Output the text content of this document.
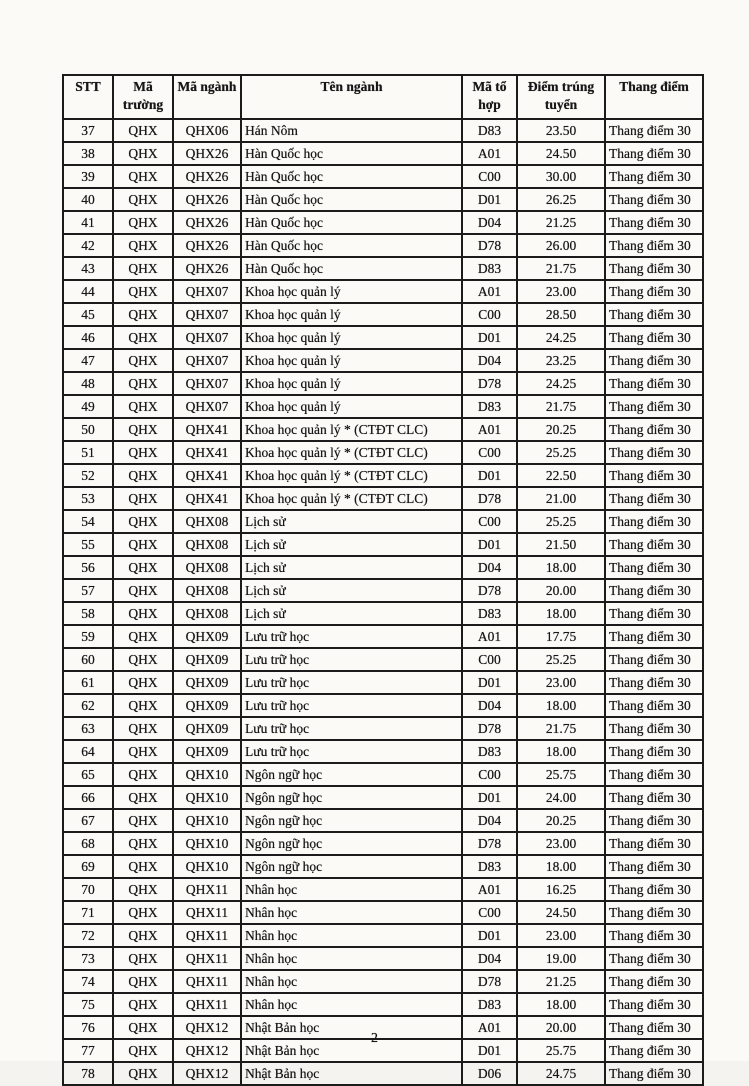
STT	Mã trường	Mã ngành	Tên ngành	Mã tổ hợp	Điểm trúng tuyển	Thang điểm
37	QHX	QHX06	Hán Nôm	D83	23.50	Thang điểm 30
38	QHX	QHX26	Hàn Quốc học	A01	24.50	Thang điểm 30
39	QHX	QHX26	Hàn Quốc học	C00	30.00	Thang điểm 30
40	QHX	QHX26	Hàn Quốc học	D01	26.25	Thang điểm 30
41	QHX	QHX26	Hàn Quốc học	D04	21.25	Thang điểm 30
42	QHX	QHX26	Hàn Quốc học	D78	26.00	Thang điểm 30
43	QHX	QHX26	Hàn Quốc học	D83	21.75	Thang điểm 30
44	QHX	QHX07	Khoa học quản lý	A01	23.00	Thang điểm 30
45	QHX	QHX07	Khoa học quản lý	C00	28.50	Thang điểm 30
46	QHX	QHX07	Khoa học quản lý	D01	24.25	Thang điểm 30
47	QHX	QHX07	Khoa học quản lý	D04	23.25	Thang điểm 30
48	QHX	QHX07	Khoa học quản lý	D78	24.25	Thang điểm 30
49	QHX	QHX07	Khoa học quản lý	D83	21.75	Thang điểm 30
50	QHX	QHX41	Khoa học quản lý * (CTĐT CLC)	A01	20.25	Thang điểm 30
51	QHX	QHX41	Khoa học quản lý * (CTĐT CLC)	C00	25.25	Thang điểm 30
52	QHX	QHX41	Khoa học quản lý * (CTĐT CLC)	D01	22.50	Thang điểm 30
53	QHX	QHX41	Khoa học quản lý * (CTĐT CLC)	D78	21.00	Thang điểm 30
54	QHX	QHX08	Lịch sử	C00	25.25	Thang điểm 30
55	QHX	QHX08	Lịch sử	D01	21.50	Thang điểm 30
56	QHX	QHX08	Lịch sử	D04	18.00	Thang điểm 30
57	QHX	QHX08	Lịch sử	D78	20.00	Thang điểm 30
58	QHX	QHX08	Lịch sử	D83	18.00	Thang điểm 30
59	QHX	QHX09	Lưu trữ học	A01	17.75	Thang điểm 30
60	QHX	QHX09	Lưu trữ học	C00	25.25	Thang điểm 30
61	QHX	QHX09	Lưu trữ học	D01	23.00	Thang điểm 30
62	QHX	QHX09	Lưu trữ học	D04	18.00	Thang điểm 30
63	QHX	QHX09	Lưu trữ học	D78	21.75	Thang điểm 30
64	QHX	QHX09	Lưu trữ học	D83	18.00	Thang điểm 30
65	QHX	QHX10	Ngôn ngữ học	C00	25.75	Thang điểm 30
66	QHX	QHX10	Ngôn ngữ học	D01	24.00	Thang điểm 30
67	QHX	QHX10	Ngôn ngữ học	D04	20.25	Thang điểm 30
68	QHX	QHX10	Ngôn ngữ học	D78	23.00	Thang điểm 30
69	QHX	QHX10	Ngôn ngữ học	D83	18.00	Thang điểm 30
70	QHX	QHX11	Nhân học	A01	16.25	Thang điểm 30
71	QHX	QHX11	Nhân học	C00	24.50	Thang điểm 30
72	QHX	QHX11	Nhân học	D01	23.00	Thang điểm 30
73	QHX	QHX11	Nhân học	D04	19.00	Thang điểm 30
74	QHX	QHX11	Nhân học	D78	21.25	Thang điểm 30
75	QHX	QHX11	Nhân học	D83	18.00	Thang điểm 30
76	QHX	QHX12	Nhật Bản học	A01	20.00	Thang điểm 30
77	QHX	QHX12	Nhật Bản học	D01	25.75	Thang điểm 30
78	QHX	QHX12	Nhật Bản học	D06	24.75	Thang điểm 30
2
